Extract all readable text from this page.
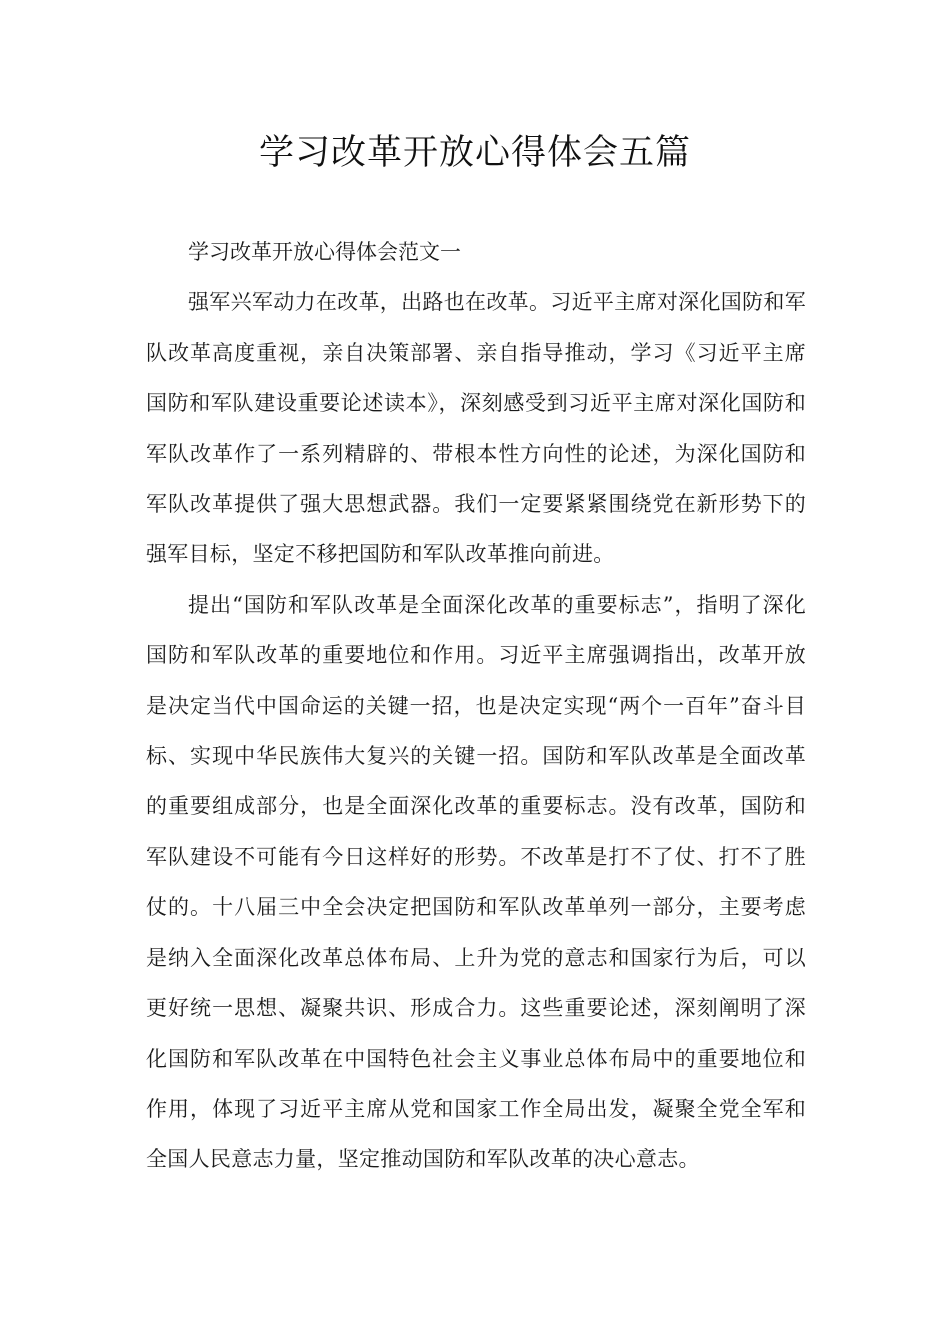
学习改革开放心得体会五篇

学习改革开放心得体会范文一

强军兴军动力在改革，出路也在改革。习近平主席对深化国防和军队改革高度重视，亲自决策部署、亲自指导推动，学习《习近平主席国防和军队建设重要论述读本》，深刻感受到习近平主席对深化国防和军队改革作了一系列精辟的、带根本性方向性的论述，为深化国防和军队改革提供了强大思想武器。我们一定要紧紧围绕党在新形势下的强军目标，坚定不移把国防和军队改革推向前进。

提出“国防和军队改革是全面深化改革的重要标志”，指明了深化国防和军队改革的重要地位和作用。习近平主席强调指出，改革开放是决定当代中国命运的关键一招，也是决定实现“两个一百年”奋斗目标、实现中华民族伟大复兴的关键一招。国防和军队改革是全面改革的重要组成部分，也是全面深化改革的重要标志。没有改革，国防和军队建设不可能有今日这样好的形势。不改革是打不了仗、打不了胜仗的。十八届三中全会决定把国防和军队改革单列一部分，主要考虑是纳入全面深化改革总体布局、上升为党的意志和国家行为后，可以更好统一思想、凝聚共识、形成合力。这些重要论述，深刻阐明了深化国防和军队改革在中国特色社会主义事业总体布局中的重要地位和作用，体现了习近平主席从党和国家工作全局出发，凝聚全党全军和全国人民意志力量，坚定推动国防和军队改革的决心意志。
